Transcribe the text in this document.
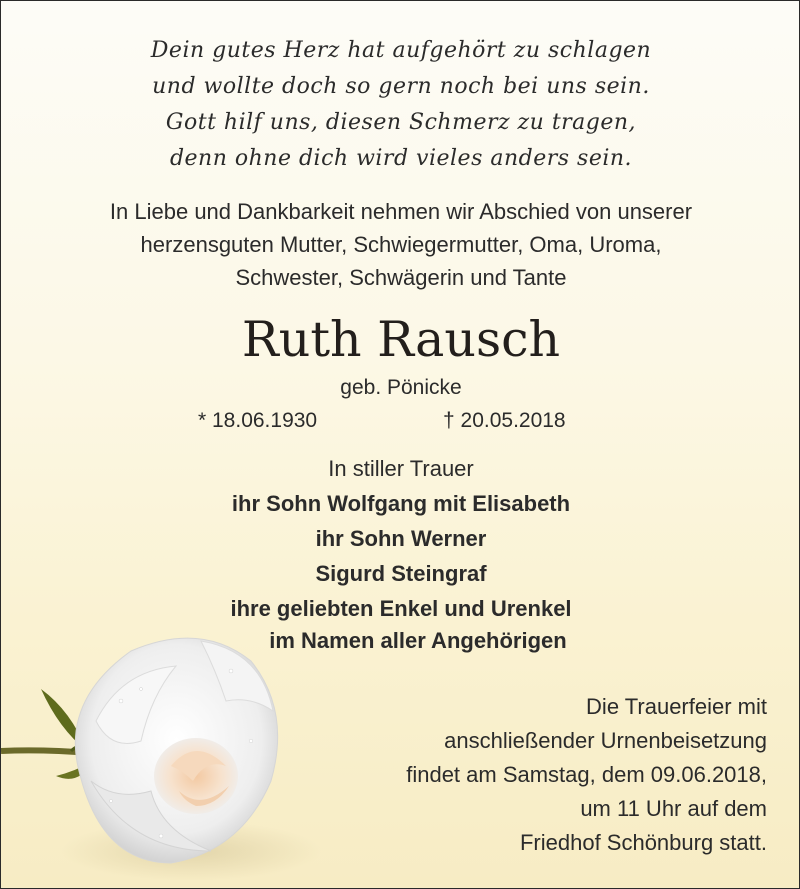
Dein gutes Herz hat aufgehört zu schlagen
und wollte doch so gern noch bei uns sein.
Gott hilf uns, diesen Schmerz zu tragen,
denn ohne dich wird vieles anders sein.
In Liebe und Dankbarkeit nehmen wir Abschied von unserer
herzensguten Mutter, Schwiegermutter, Oma, Uroma,
Schwester, Schwägerin und Tante
Ruth Rausch
geb. Pönicke
* 18.06.1930	† 20.05.2018
In stiller Trauer
ihr Sohn Wolfgang mit Elisabeth
ihr Sohn Werner
Sigurd Steingraf
ihre geliebten Enkel und Urenkel
im Namen aller Angehörigen
Die Trauerfeier mit
anschließender Urnenbeisetzung
findet am Samstag, dem 09.06.2018,
um 11 Uhr auf dem
Friedhof Schönburg statt.
